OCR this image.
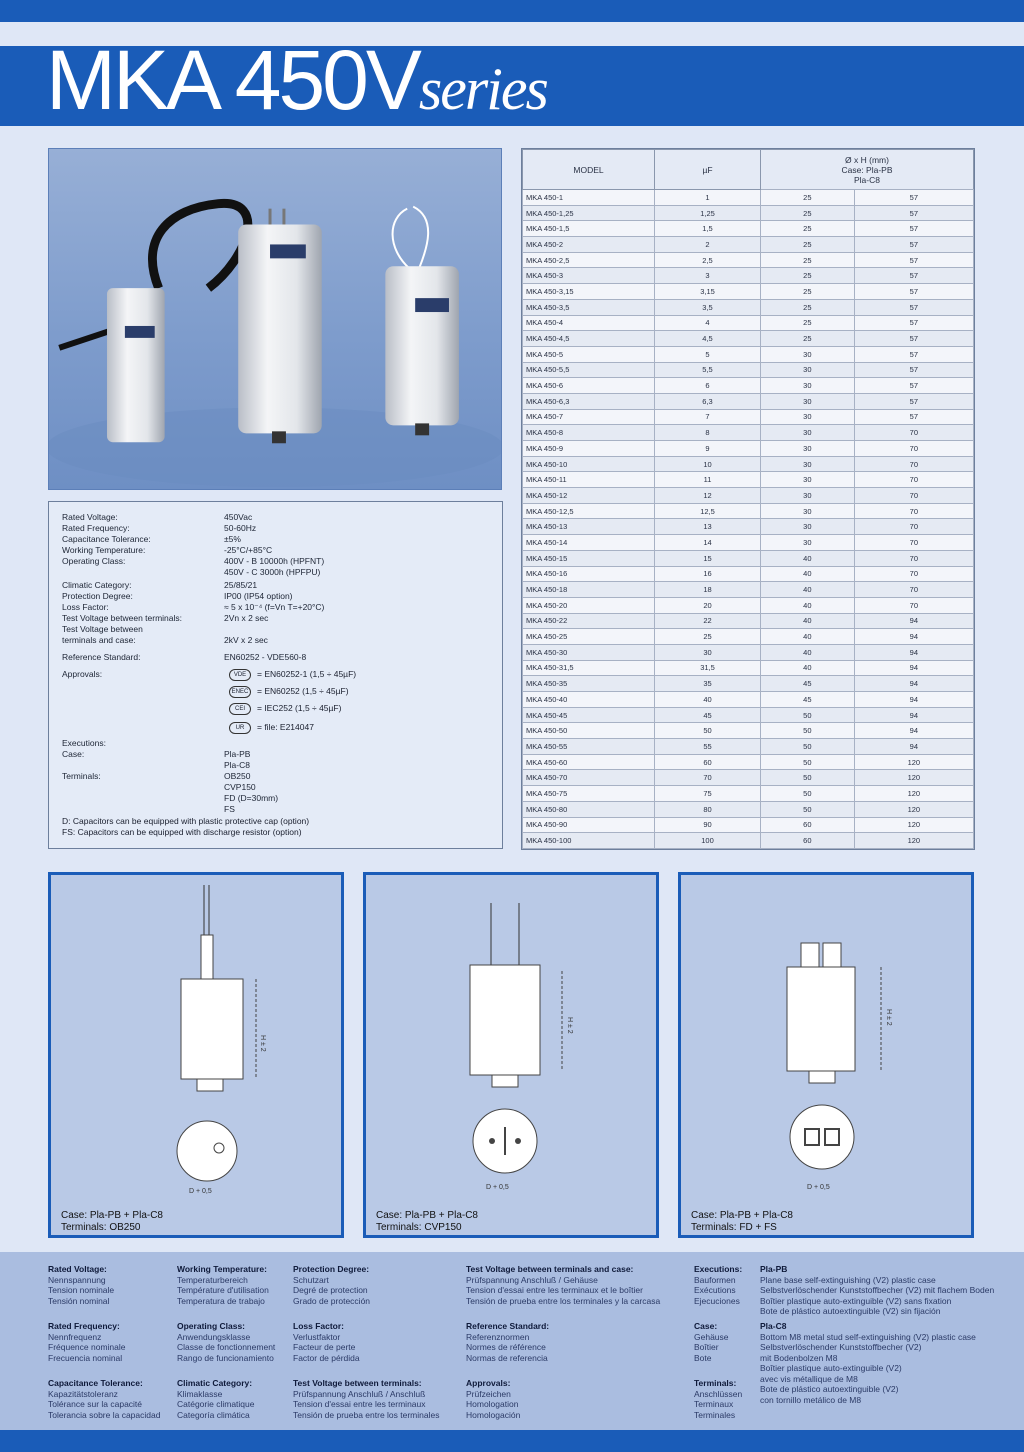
MKA 450Vseries
Rated Voltage:	450Vac
Rated Frequency:	50-60Hz
Capacitance Tolerance:	±5%
Working Temperature:	-25°C/+85°C
Operating Class:	400V - B 10000h (HPFNT)
450V - C 3000h (HPFPU)
Climatic Category:	25/85/21
Protection Degree:	IP00 (IP54 option)
Loss Factor:	≈ 5 x 10⁻⁴ (f=Vn T=+20°C)
Test Voltage between terminals:	2Vn x 2 sec
Test Voltage between
terminals and case:	2kV x 2 sec
Reference Standard:	EN60252 - VDE560-8
Approvals:	VDE	= EN60252-1 (1,5 ÷ 45µF)
ENEC	= EN60252 (1,5 ÷ 45µF)
CEI	= IEC252 (1,5 ÷ 45µF)
UR	= file: E214047
Executions:
Case:	Pla-PB
Pla-C8
Terminals:	OB250
CVP150
FD (D=30mm)
FS
D: Capacitors can be equipped with plastic protective cap (option)
FS: Capacitors can be equipped with discharge resistor (option)
MODEL	µF	Ø x H (mm)
Case: Pla-PB
Pla-C8	

MKA 450-1	1	25	57
MKA 450-1,25	1,25	25	57
MKA 450-1,5	1,5	25	57
MKA 450-2	2	25	57
MKA 450-2,5	2,5	25	57
MKA 450-3	3	25	57
MKA 450-3,15	3,15	25	57
MKA 450-3,5	3,5	25	57
MKA 450-4	4	25	57
MKA 450-4,5	4,5	25	57
MKA 450-5	5	30	57
MKA 450-5,5	5,5	30	57
MKA 450-6	6	30	57
MKA 450-6,3	6,3	30	57
MKA 450-7	7	30	57
MKA 450-8	8	30	70
MKA 450-9	9	30	70
MKA 450-10	10	30	70
MKA 450-11	11	30	70
MKA 450-12	12	30	70
MKA 450-12,5	12,5	30	70
MKA 450-13	13	30	70
MKA 450-14	14	30	70
MKA 450-15	15	40	70
MKA 450-16	16	40	70
MKA 450-18	18	40	70
MKA 450-20	20	40	70
MKA 450-22	22	40	94
MKA 450-25	25	40	94
MKA 450-30	30	40	94
MKA 450-31,5	31,5	40	94
MKA 450-35	35	45	94
MKA 450-40	40	45	94
MKA 450-45	45	50	94
MKA 450-50	50	50	94
MKA 450-55	55	50	94
MKA 450-60	60	50	120
MKA 450-70	70	50	120
MKA 450-75	75	50	120
MKA 450-80	80	50	120
MKA 450-90	90	60	120
MKA 450-100	100	60	120
H ± 2
D + 0,5
Case: Pla-PB + Pla-C8
Terminals: OB250
H ± 2
D + 0,5
Case: Pla-PB + Pla-C8
Terminals: CVP150
H ± 2
D + 0,5
Case: Pla-PB + Pla-C8
Terminals: FD + FS
Rated Voltage:
Nennspannung
Tension nominale
Tensión nominal
Rated Frequency:
Nennfrequenz
Fréquence nominale
Frecuencia nominal
Capacitance Tolerance:
Kapazitätstoleranz
Tolérance sur la capacité
Tolerancia sobre la capacidad
Working Temperature:
Temperaturbereich
Température d'utilisation
Temperatura de trabajo
Operating Class:
Anwendungsklasse
Classe de fonctionnement
Rango de funcionamiento
Climatic Category:
Klimaklasse
Catégorie climatique
Categoría climática
Protection Degree:
Schutzart
Degré de protection
Grado de protección
Loss Factor:
Verlustfaktor
Facteur de perte
Factor de pérdida
Test Voltage between terminals:
Prüfspannung Anschluß / Anschluß
Tension d'essai entre les terminaux
Tensión de prueba entre los terminales
Test Voltage between terminals and case:
Prüfspannung Anschluß / Gehäuse
Tension d'essai entre les terminaux et le boîtier
Tensión de prueba entre los terminales y la carcasa
Reference Standard:
Referenznormen
Normes de référence
Normas de referencia
Approvals:
Prüfzeichen
Homologation
Homologación
Executions:
Bauformen
Exécutions
Ejecuciones
Case:
Gehäuse
Boîtier
Bote
Terminals:
Anschlüssen
Terminaux
Terminales
Pla-PB
Plane base self-extinguishing (V2) plastic case
Selbstverlöschender Kunststoffbecher (V2) mit flachem Boden
Boîtier plastique auto-extinguible (V2) sans fixation
Bote de plástico autoextinguible (V2) sin fijación
Pla-C8
Bottom M8 metal stud self-extinguishing (V2) plastic case
Selbstverlöschender Kunststoffbecher (V2)
mit Bodenbolzen M8
Boîtier plastique auto-extinguible (V2)
avec vis métallique de M8
Bote de plástico autoextinguible (V2)
con tornillo metálico de M8
